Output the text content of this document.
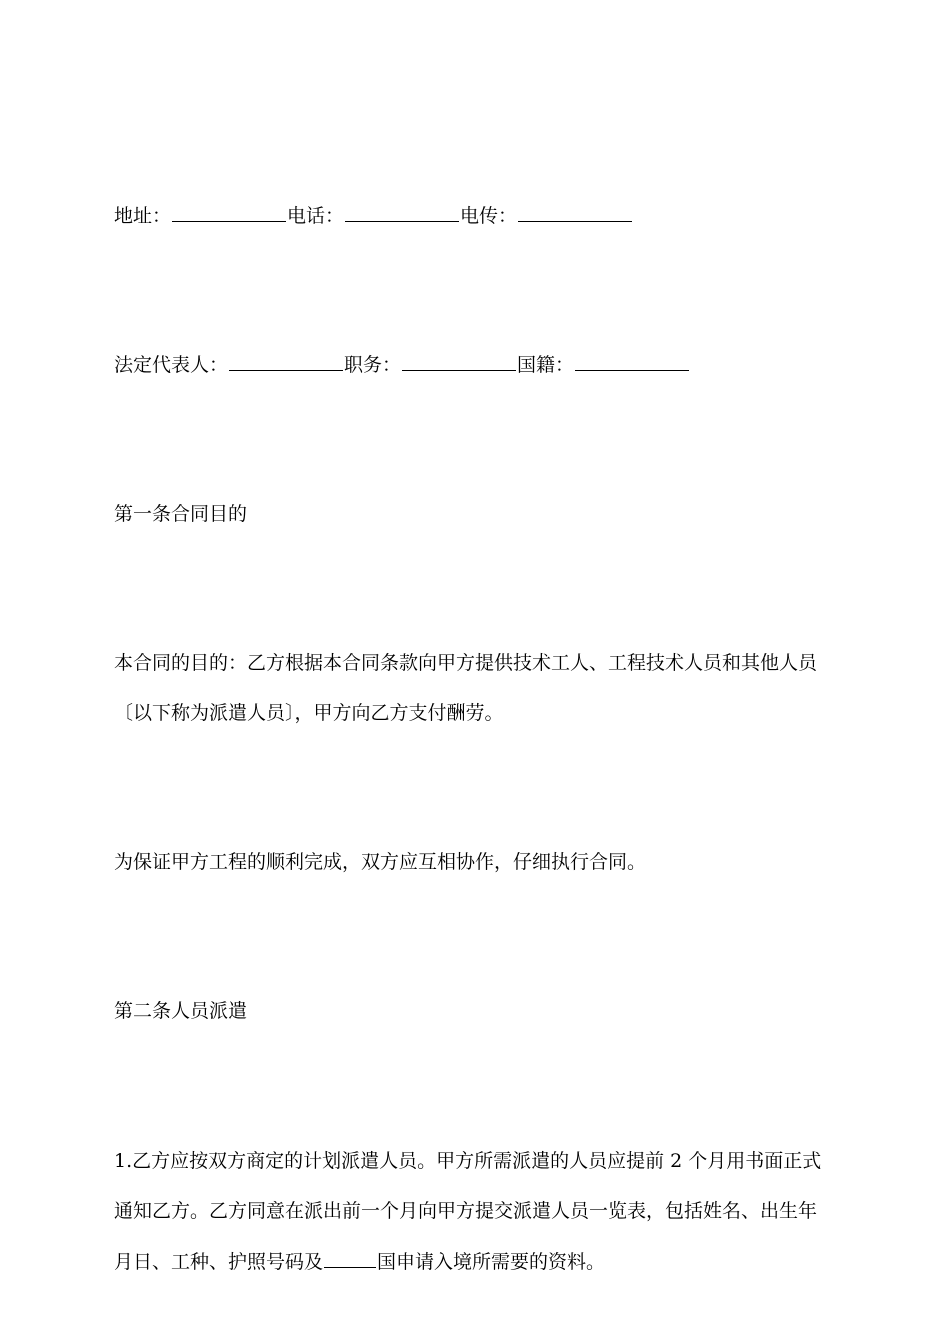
地址：	电话：	电传：
法定代表人：	职务：	国籍：
第一条合同目的
本合同的目的：乙方根据本合同条款向甲方提供技术工人、工程技术人员和其他人员
〔以下称为派遣人员〕，甲方向乙方支付酬劳。
为保证甲方工程的顺利完成，双方应互相协作，仔细执行合同。
第二条人员派遣
1.乙方应按双方商定的计划派遣人员。甲方所需派遣的人员应提前 2 个月用书面正式
通知乙方。乙方同意在派出前一个月向甲方提交派遣人员一览表，包括姓名、出生年
月日、工种、护照号码及	国申请入境所需要的资料。
